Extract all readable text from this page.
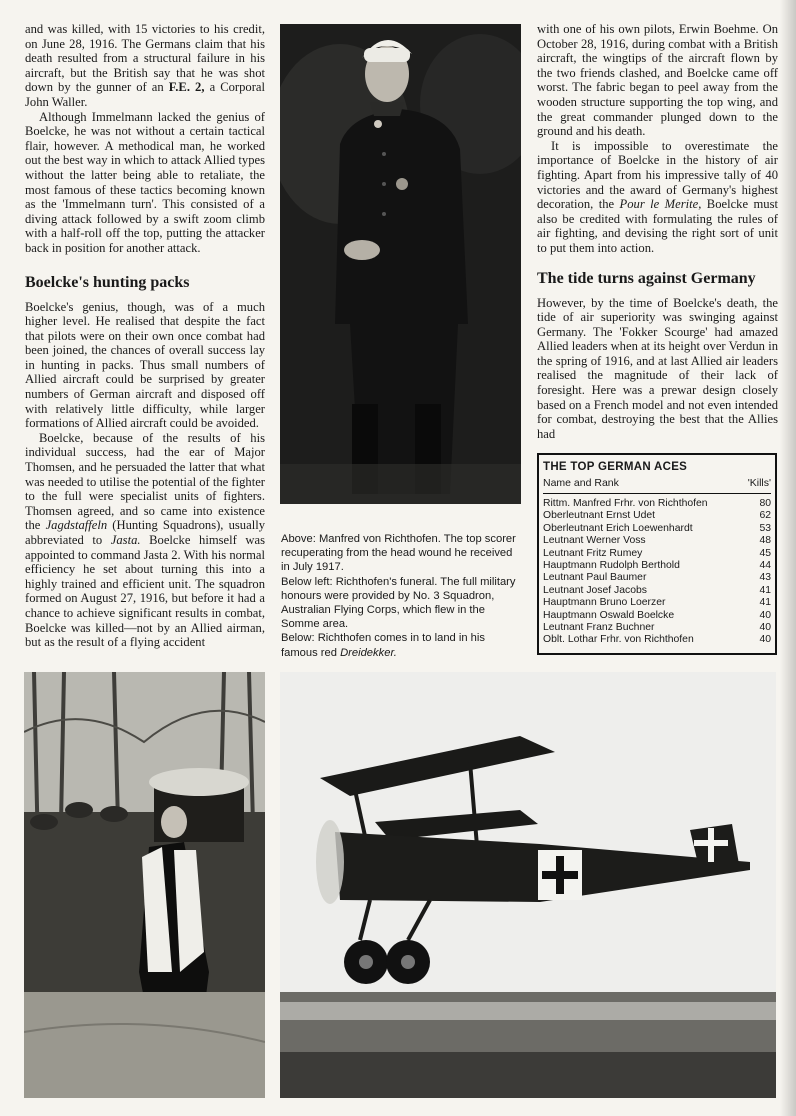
and was killed, with 15 victories to his credit, on June 28, 1916. The Germans claim that his death resulted from a structural failure in his aircraft, but the British say that he was shot down by the gunner of an F.E. 2, a Corporal John Waller.

Although Immelmann lacked the genius of Boelcke, he was not without a certain tactical flair, however. A methodical man, he worked out the best way in which to attack Allied types without the latter being able to retaliate, the most famous of these tactics becoming known as the 'Immelmann turn'. This consisted of a diving attack followed by a swift zoom climb with a half-roll off the top, putting the attacker back in position for another attack.

Boelcke's hunting packs

Boelcke's genius, though, was of a much higher level. He realised that despite the fact that pilots were on their own once combat had been joined, the chances of overall success lay in hunting in packs. Thus small numbers of Allied aircraft could be surprised by greater numbers of German aircraft and disposed off with relatively little difficulty, while larger formations of Allied aircraft could be avoided.

Boelcke, because of the results of his individual success, had the ear of Major Thomsen, and he persuaded the latter that what was needed to utilise the potential of the fighter to the full were specialist units of fighters. Thomsen agreed, and so came into existence the Jagdstaffeln (Hunting Squadrons), usually abbreviated to Jasta. Boelcke himself was appointed to command Jasta 2. With his normal efficiency he set about turning this into a highly trained and efficient unit. The squadron formed on August 27, 1916, but before it had a chance to achieve significant results in combat, Boelcke was killed—not by an Allied airman, but as the result of a flying accident

Above: Manfred von Richthofen. The top scorer recuperating from the head wound he received in July 1917.

Below left: Richthofen's funeral. The full military honours were provided by No. 3 Squadron, Australian Flying Corps, which flew in the Somme area.

Below: Richthofen comes in to land in his famous red Dreidekker.

with one of his own pilots, Erwin Boehme. On October 28, 1916, during combat with a British aircraft, the wingtips of the aircraft flown by the two friends clashed, and Boelcke came off worst. The fabric began to peel away from the wooden structure supporting the top wing, and the great commander plunged down to the ground and his death.

It is impossible to overestimate the importance of Boelcke in the history of air fighting. Apart from his impressive tally of 40 victories and the award of Germany's highest decoration, the Pour le Merite, Boelcke must also be credited with formulating the rules of air fighting, and devising the right sort of unit to put them into action.

The tide turns against Germany

However, by the time of Boelcke's death, the tide of air superiority was swinging against Germany. The 'Fokker Scourge' had amazed Allied leaders when at its height over Verdun in the spring of 1916, and at last Allied air leaders realised the magnitude of their lack of foresight. Here was a prewar design closely based on a French model and not even intended for combat, destroying the best that the Allies had

THE TOP GERMAN ACES
Name and Rank	'Kills'
Rittm. Manfred Frhr. von Richthofen	80
Oberleutnant Ernst Udet	62
Oberleutnant Erich Loewenhardt	53
Leutnant Werner Voss	48
Leutnant Fritz Rumey	45
Hauptmann Rudolph Berthold	44
Leutnant Paul Baumer	43
Leutnant Josef Jacobs	41
Hauptmann Bruno Loerzer	41
Hauptmann Oswald Boelcke	40
Leutnant Franz Buchner	40
Oblt. Lothar Frhr. von Richthofen	40
